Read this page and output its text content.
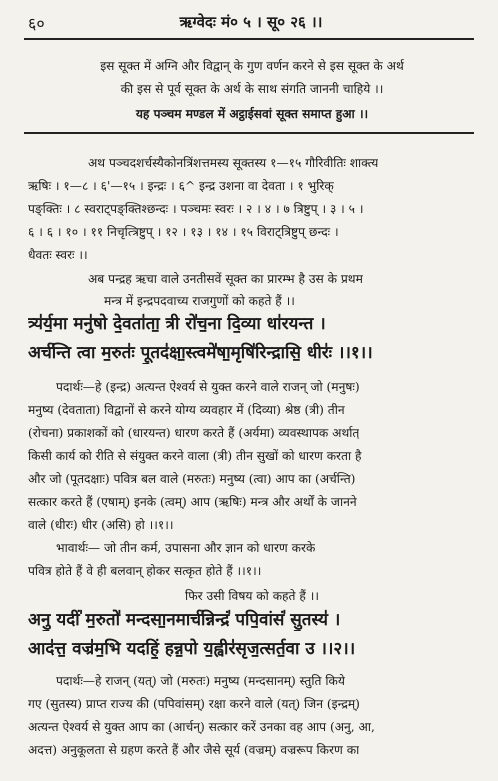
६०	ऋग्वेदः मं० ५ । सू० २६ ।।
इस सूक्त में अग्नि और विद्वान् के गुण वर्णन करने से इस सूक्त के अर्थ
की इस से पूर्व सूक्त के अर्थ के साथ संगति जाननी चाहिये ।।
यह पञ्चम मण्डल में अट्ठाईसवां सूक्त समाप्त हुआ ।।
अथ पञ्चदशर्चस्यैकोनत्रिंशत्तमस्य सूक्तस्य १—१५ गौरिवीतिः शाक्त्य
ऋषिः । १—८ । ६'—१५ । इन्द्रः । ६^ इन्द्र उशना वा देवता । १ भुरिक्
पङ्क्तिः । ८ स्वराट्पङ्क्तिश्छन्दः । पञ्चमः स्वरः । २ । ४ । ७ त्रिष्टुप् । ३ । ५ ।
६ । ६ । १० । ११ निचृत्त्रिष्टुप् । १२ । १३ । १४ । १५ विराट्त्रिष्टुप् छन्दः ।
धैवतः स्वरः ।।
अब पन्द्रह ऋचा वाले उनतीसवें सूक्त का प्रारम्भ है उस के प्रथम
मन्त्र में इन्द्रपदवाच्य राजगुणों को कहते हैं ।।
त्र्य॑र्य॒मा मनु॑षो दे॒वता॑ता॒ त्री रो॑च॒ना दि॒व्या धा॑रयन्त ।
अर्च॑न्ति त्वा म॒रुतः॑ पू॒तद॑क्षा॒स्त्वमे॑षा॒मृषि॑रिन्द्रासि॒ धीरः॑ ।।१।।
पदार्थः—हे (इन्द्र) अत्यन्त ऐश्वर्य से युक्त करने वाले राजन् जो (मनुषः)
मनुष्य (देवताता) विद्वानों से करने योग्य व्यवहार में (दिव्या) श्रेष्ठ (त्री) तीन
(रोचना) प्रकाशकों को (धारयन्त) धारण करते हैं (अर्यमा) व्यवस्थापक अर्थात्
किसी कार्य को रीति से संयुक्त करने वाला (त्री) तीन सुखों को धारण करता है
और जो (पूतदक्षाः) पवित्र बल वाले (मरुतः) मनुष्य (त्वा) आप का (अर्चन्ति)
सत्कार करते हैं (एषाम्) इनके (त्वम्) आप (ऋषिः) मन्त्र और अर्थों के जानने
वाले (धीरः) धीर (असि) हो ।।१।।
भावार्थः— जो तीन कर्म, उपासना और ज्ञान को धारण करके
पवित्र होते हैं वे ही बलवान् होकर सत्कृत होते हैं ।।१।।
फिर उसी विषय को कहते हैं ।।
अनु॒ यदीं॑ म॒रुतो॑ मन्दसा॒नमार्च॑न्निन्द्रं॑ पपि॒वांसं॑ सु॒तस्य॑ ।
आद॑त्त॒ वज्र॑म॒भि यदहिं॒ हन्न॒पो य॒ह्वीर॑सृज॒त्सर्त॒वा उ ।।२।।
पदार्थः—हे राजन् (यत्) जो (मरुतः) मनुष्य (मन्दसानम्) स्तुति किये
गए (सुतस्य) प्राप्त राज्य की (पपिवांसम्) रक्षा करने वाले (यत्) जिन (इन्द्रम्)
अत्यन्त ऐश्वर्य से युक्त आप का (आर्चन्) सत्कार करें उनका वह आप (अनु, आ,
अदत्त) अनुकूलता से ग्रहण करते हैं और जैसे सूर्य (वज्रम्) वज्ररूप किरण का
